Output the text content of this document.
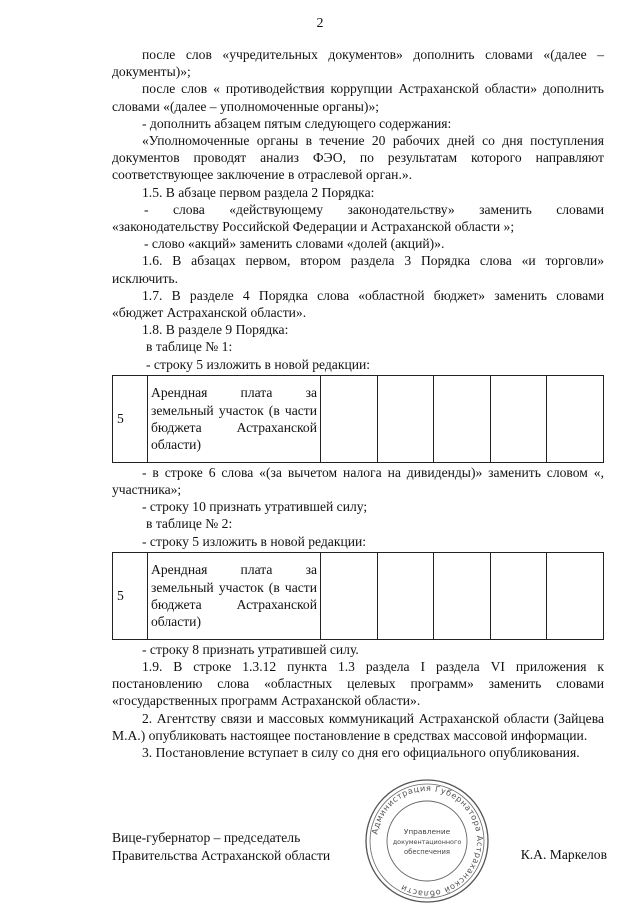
2

после слов «учредительных документов» дополнить словами «(далее – документы)»;

после слов « противодействия коррупции Астраханской области» дополнить словами «(далее – уполномоченные органы)»;

- дополнить абзацем пятым следующего содержания:

«Уполномоченные органы в течение 20 рабочих дней со дня поступления документов проводят анализ ФЭО, по результатам которого направляют соответствующее заключение в отраслевой орган.».

1.5. В абзаце первом раздела 2 Порядка:

- слова «действующему законодательству» заменить словами «законодательству Российской Федерации и Астраханской области »;

- слово «акций» заменить словами «долей (акций)».

1.6. В абзацах первом, втором раздела 3 Порядка слова «и торговли» исключить.

1.7. В разделе 4 Порядка слова «областной бюджет» заменить словами «бюджет Астраханской области».

1.8. В разделе 9 Порядка:

в таблице № 1:

- строку 5 изложить в новой редакции:

5	Арендная плата за земельный участок (в части бюджета Астраханской области)					

- в строке 6 слова «(за вычетом налога на дивиденды)» заменить словом «, участника»;

- строку 10 признать утратившей силу;

в таблице № 2:

- строку 5 изложить в новой редакции:

5	Арендная плата за земельный участок (в части бюджета Астраханской области)					

- строку 8 признать утратившей силу.

1.9. В строке 1.3.12 пункта 1.3 раздела I раздела VI приложения к постановлению слова «областных целевых программ» заменить словами «государственных программ Астраханской области».

2. Агентству связи и массовых коммуникаций Астраханской области (Зайцева М.А.) опубликовать настоящее постановление в средствах массовой информации.

3. Постановление вступает в силу со дня его официального опубликования.

Администрация Губернатора Астраханской области
Управление
документационного
обеспечения
Вице-губернатор – председатель
Правительства Астраханской области	К.А. Маркелов
